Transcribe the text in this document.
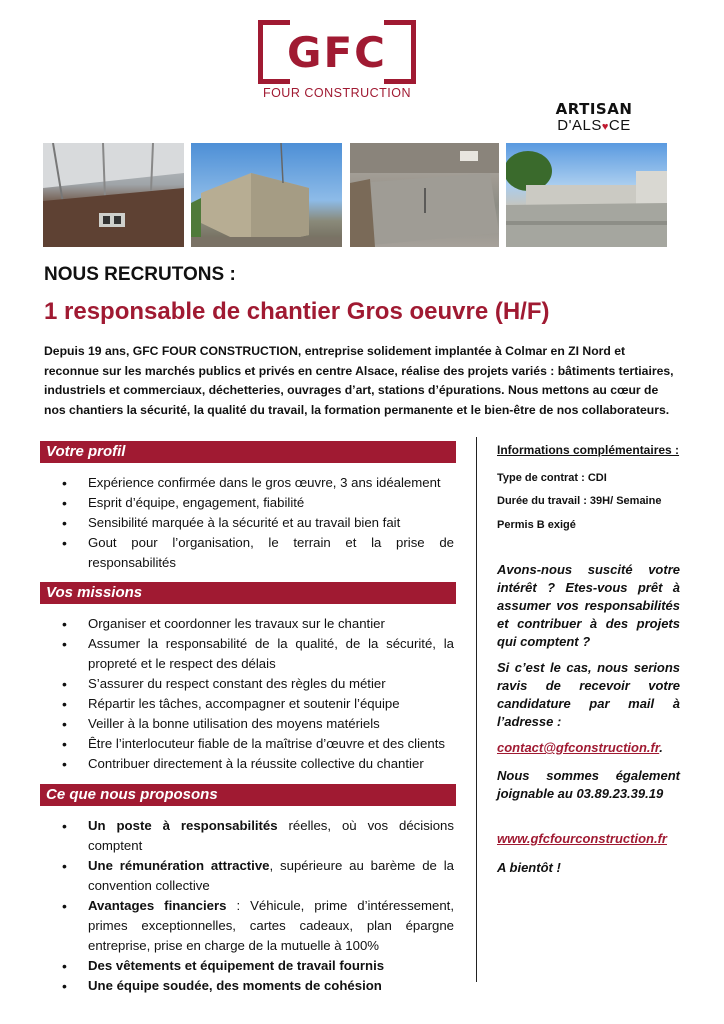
GFC
FOUR CONSTRUCTION
ARTISAN
D'ALS♥CE
NOUS RECRUTONS :
1 responsable de chantier Gros oeuvre (H/F)
Depuis 19 ans, GFC FOUR CONSTRUCTION, entreprise solidement implantée à Colmar en ZI Nord et reconnue sur les marchés publics et privés en centre Alsace, réalise des projets variés : bâtiments tertiaires, industriels et commerciaux, déchetteries, ouvrages d’art, stations d’épurations. Nous mettons au cœur de nos chantiers la sécurité, la qualité du travail, la formation permanente et le bien-être de nos collaborateurs.
Votre profil
• Expérience confirmée dans le gros œuvre, 3 ans idéalement
• Esprit d’équipe, engagement, fiabilité
• Sensibilité marquée à la sécurité et au travail bien fait
• Gout pour l’organisation, le terrain et la prise de responsabilités
Vos missions
• Organiser et coordonner les travaux sur le chantier
• Assumer la responsabilité de la qualité, de la sécurité, la propreté et le respect des délais
• S’assurer du respect constant des règles du métier
• Répartir les tâches, accompagner et soutenir l’équipe
• Veiller à la bonne utilisation des moyens matériels
• Être l’interlocuteur fiable de la maîtrise d’œuvre et des clients
• Contribuer directement à la réussite collective du chantier
Ce que nous proposons
• Un poste à responsabilités réelles, où vos décisions comptent
• Une rémunération attractive, supérieure au barème de la convention collective
• Avantages financiers : Véhicule, prime d’intéressement, primes exceptionnelles, cartes cadeaux, plan épargne entreprise, prise en charge de la mutuelle à 100%
• Des vêtements et équipement de travail fournis
• Une équipe soudée, des moments de cohésion
Informations complémentaires :
Type de contrat : CDI
Durée du travail : 39H/ Semaine
Permis B exigé
Avons-nous suscité votre intérêt ? Etes-vous prêt à assumer vos responsabilités et contribuer à des projets qui comptent ?
Si c’est le cas, nous serions ravis de recevoir votre candidature par mail à l’adresse :
contact@gfconstruction.fr.
Nous sommes également joignable au 03.89.23.39.19
www.gfcfourconstruction.fr
A bientôt !
